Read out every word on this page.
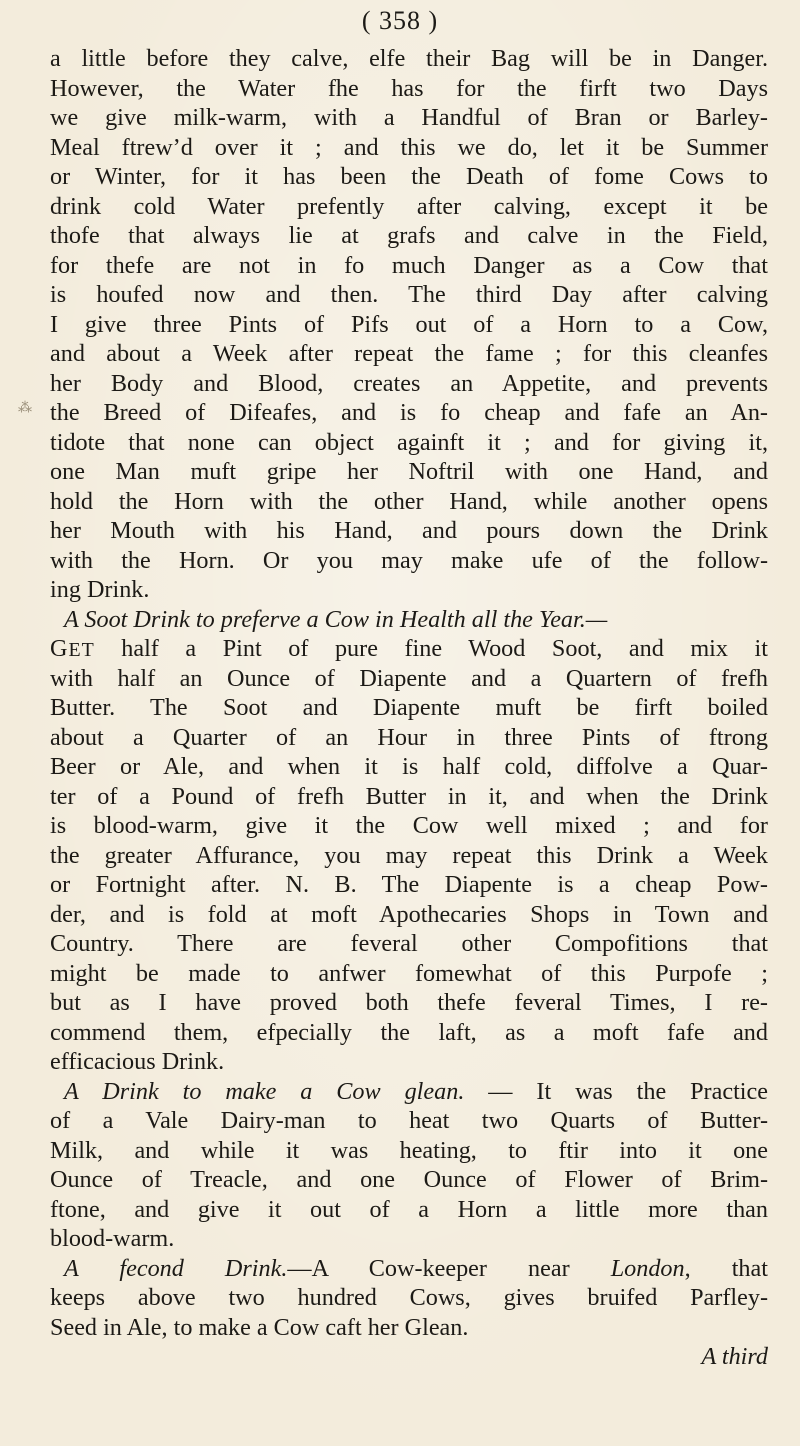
( 358 )
⁂
a little before they calve, elfe their Bag will be in Danger.
However, the Water fhe has for the firft two Days
we give milk-warm, with a Handful of Bran or Barley-
Meal ftrew’d over it ; and this we do, let it be Summer
or Winter, for it has been the Death of fome Cows to
drink cold Water prefently after calving, except it be
thofe that always lie at grafs and calve in the Field,
for thefe are not in fo much Danger as a Cow that
is houfed now and then. The third Day after calving
I give three Pints of Pifs out of a Horn to a Cow,
and about a Week after repeat the fame ; for this cleanfes
her Body and Blood, creates an Appetite, and prevents
the Breed of Difeafes, and is fo cheap and fafe an An-
tidote that none can object againft it ; and for giving it,
one Man muft gripe her Noftril with one Hand, and
hold the Horn with the other Hand, while another opens
her Mouth with his Hand, and pours down the Drink
with the Horn. Or you may make ufe of the follow-
ing Drink.
A Soot Drink to preferve a Cow in Health all the Year.—
GET half a Pint of pure fine Wood Soot, and mix it
with half an Ounce of Diapente and a Quartern of frefh
Butter. The Soot and Diapente muft be firft boiled
about a Quarter of an Hour in three Pints of ftrong
Beer or Ale, and when it is half cold, diffolve a Quar-
ter of a Pound of frefh Butter in it, and when the Drink
is blood-warm, give it the Cow well mixed ; and for
the greater Affurance, you may repeat this Drink a Week
or Fortnight after. N. B. The Diapente is a cheap Pow-
der, and is fold at moft Apothecaries Shops in Town and
Country. There are feveral other Compofitions that
might be made to anfwer fomewhat of this Purpofe ;
but as I have proved both thefe feveral Times, I re-
commend them, efpecially the laft, as a moft fafe and
efficacious Drink.
A Drink to make a Cow glean. — It was the Practice
of a Vale Dairy-man to heat two Quarts of Butter-
Milk, and while it was heating, to ftir into it one
Ounce of Treacle, and one Ounce of Flower of Brim-
ftone, and give it out of a Horn a little more than
blood-warm.
A fecond Drink.—A Cow-keeper near London, that
keeps above two hundred Cows, gives bruifed Parfley-
Seed in Ale, to make a Cow caft her Glean.
A third
